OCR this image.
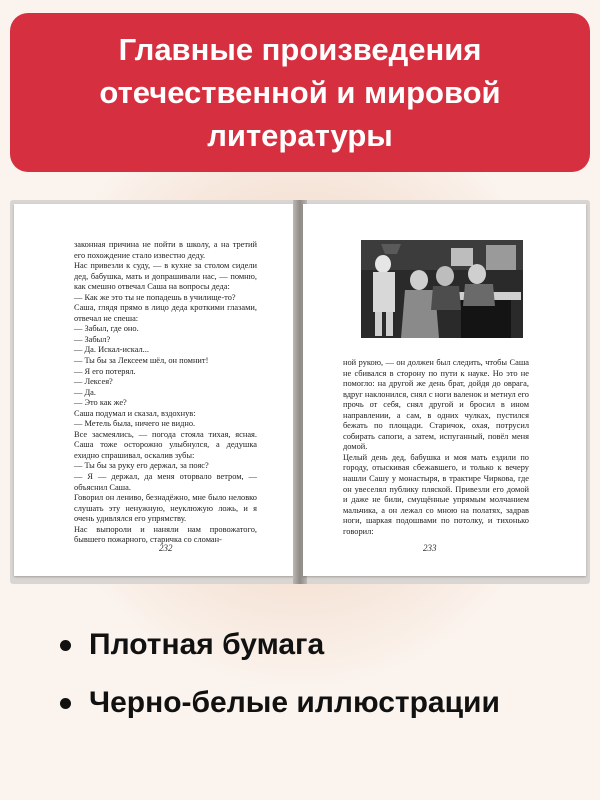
Главные произведения
отечественной и мировой
литературы
законная причина не пойти в школу, а на третий его похождение стало известно деду.
Нас привезли к суду, — в кухне за столом сидели дед, бабушка, мать и допрашивали нас, — помню, как смешно отвечал Саша на вопросы деда:
— Как же это ты не попадешь в училище-то?
Саша, глядя прямо в лицо деда кроткими глазами, отвечал не спеша:
— Забыл, где оно.
— Забыл?
— Да. Искал-искал...
— Ты бы за Лексеем шёл, он помнит!
— Я его потерял.
— Лексея?
— Да.
— Это как же?
Саша подумал и сказал, вздохнув:
— Метель была, ничего не видно.
Все засмеялись, — погода стояла тихая, ясная. Саша тоже осторожно улыбнулся, а дедушка ехидно спрашивал, оскалив зубы:
— Ты бы за руку его держал, за пояс?
— Я — держал, да меня оторвало ветром, — объяснил Саша.
Говорил он лениво, безнадёжно, мне было неловко слушать эту ненужную, неуклюжую ложь, и я очень удивлялся его упрямству.
Нас выпороли и наняли нам провожатого, бывшего пожарного, старичка со сломан-
232
ной рукою, — он должен был следить, чтобы Саша не сбивался в сторону по пути к науке. Но это не помогло: на другой же день брат, дойдя до оврага, вдруг наклонился, снял с ноги валенок и метнул его прочь от себя, снял другой и бросил в ином направлении, а сам, в одних чулках, пустился бежать по площади. Старичок, охая, потрусил собирать сапоги, а затем, испуганный, повёл меня домой.
Целый день дед, бабушка и моя мать ездили по городу, отыскивая сбежавшего, и только к вечеру нашли Сашу у монастыря, в трактире Чиркова, где он увеселял публику пляской. Привезли его домой и даже не били, смущённые упрямым молчанием мальчика, а он лежал со мною на полатях, задрав ноги, шаркая подошвами по потолку, и тихонько говорил:
233
Плотная бумага
Черно-белые иллюстрации
